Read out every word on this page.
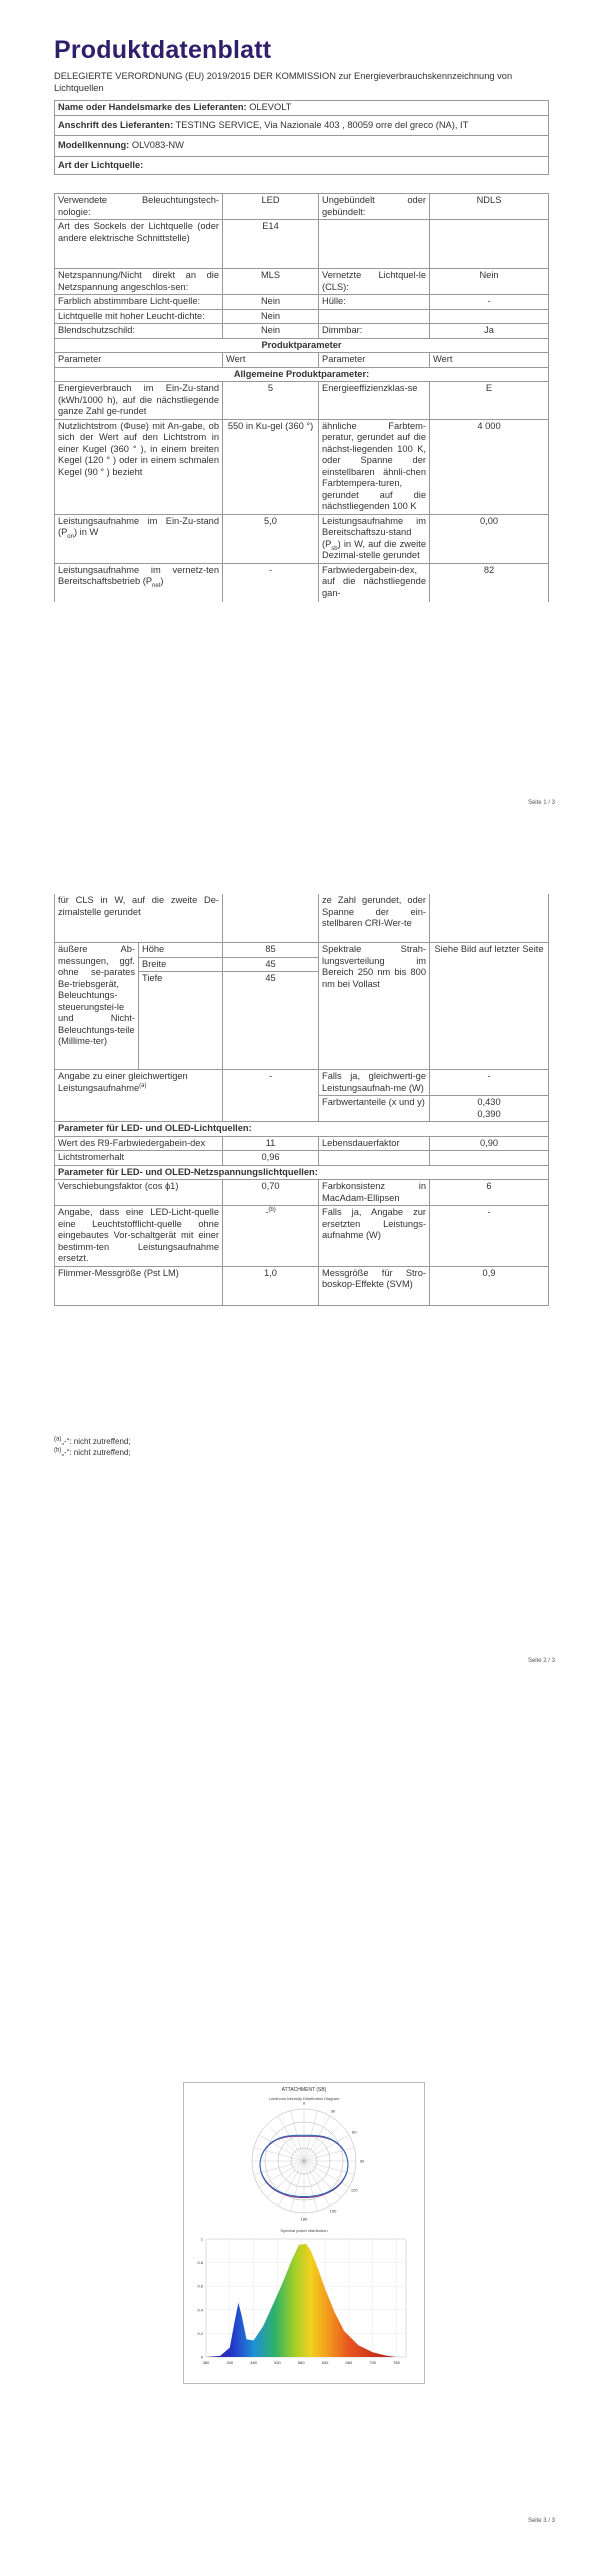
Produktdatenblatt
DELEGIERTE VERORDNUNG (EU) 2019/2015 DER KOMMISSION zur Energieverbrauchskennzeichnung von Lichtquellen
Name oder Handelsmarke des Lieferanten: OLEVOLT
Anschrift des Lieferanten: TESTING SERVICE, Via Nazionale 403 , 80059 orre del greco (NA), IT
Modellkennung: OLV083-NW
Art der Lichtquelle:
Verwendete Beleuchtungstech-nologie:	LED	Ungebündelt oder gebündelt:	NDLS
Art des Sockels der Lichtquelle (oder andere elektrische Schnittstelle)	E14		
Netzspannung/Nicht direkt an die Netzspannung angeschlos-sen:	MLS	Vernetzte Lichtquel-le (CLS):	Nein
Farblich abstimmbare Licht-quelle:	Nein	Hülle:	-
Lichtquelle mit hoher Leucht-dichte:	Nein		
Blendschutzschild:	Nein	Dimmbar:	Ja
Produktparameter			
Parameter	Wert	Parameter	Wert
Allgemeine Produktparameter:			
Energieverbrauch im Ein-Zu-stand (kWh/1000 h), auf die nächstliegende ganze Zahl ge-rundet	5	Energieeffizienzklas-se	E
Nutzlichtstrom (Φuse) mit An-gabe, ob sich der Wert auf den Lichtstrom in einer Kugel (360 ° ), in einem breiten Kegel (120 ° ) oder in einem schmalen Kegel (90 ° ) bezieht	550 in Ku-gel (360 °)	ähnliche Farbtem-peratur, gerundet auf die nächst-liegenden 100 K, oder Spanne der einstellbaren ähnli-chen Farbtempera-turen, gerundet auf die nächstliegenden 100 K	4 000
Leistungsaufnahme im Ein-Zu-stand $(P_{on})$ in W	5,0	Leistungsaufnahme im Bereitschaftszu-stand $(P_{sb})$ in W, auf die zweite Dezimal-stelle gerundet	0,00
Leistungsaufnahme im vernetz-ten Bereitschaftsbetrieb $(P_{net})$	-	Farbwiedergabein-dex, auf die nächstliegende gan-	82
Seite 1 / 3
für CLS in W, auf die zweite De-zimalstelle gerundet			ze Zahl gerundet, oder Spanne der ein-stellbaren CRI-Wer-te	
äußere Ab-messungen, ggf. ohne se-parates Be-triebsgerät, Beleuchtungs-steuerungstei-le und Nicht-Beleuchtungs-teile (Millime-ter)	Höhe	85	Spektrale Strah-lungsverteilung im Bereich 250 nm bis 800 nm bei Vollast	Siehe Bild auf letzter Seite
	Breite	45		
	Tiefe	45		
Angabe zu einer gleichwertigen Leistungsaufnahme$^{(a)}$		-	Falls ja, gleichwerti-ge Leistungsaufnah-me (W)	-
			Farbwertanteile (x und y)	0,430
0,390
Parameter für LED- und OLED-Lichtquellen:				
Wert des R9-Farbwiedergabein-dex		11	Lebensdauerfaktor	0,90
Lichtstromerhalt		0,96		
Parameter für LED- und OLED-Netzspannungslichtquellen:				
Verschiebungsfaktor (cos ϕ1)		0,70	Farbkonsistenz in MacAdam-Ellipsen	6
Angabe, dass eine LED-Licht-quelle eine Leuchtstofflicht-quelle ohne eingebautes Vor-schaltgerät mit einer bestimm-ten Leistungsaufnahme ersetzt.		-$^{(b)}$	Falls ja, Angabe zur ersetzten Leistungs-aufnahme (W)	-
Flimmer-Messgröße (Pst LM)		1,0	Messgröße für Stro-boskop-Effekte (SVM)	0,9
$^{(a)}$„-“: nicht zutreffend;
$^{(b)}$„-“: nicht zutreffend;
Seite 2 / 3
ATTACHMENT (SB)
Luminous Intensity Distribution Diagram
180
150
120
90
60
30
0
Spectral power distribution
0
0.2
0.4
0.6
0.8
1
380	430	480	530	580	630	680	730	780
Seite 3 / 3
